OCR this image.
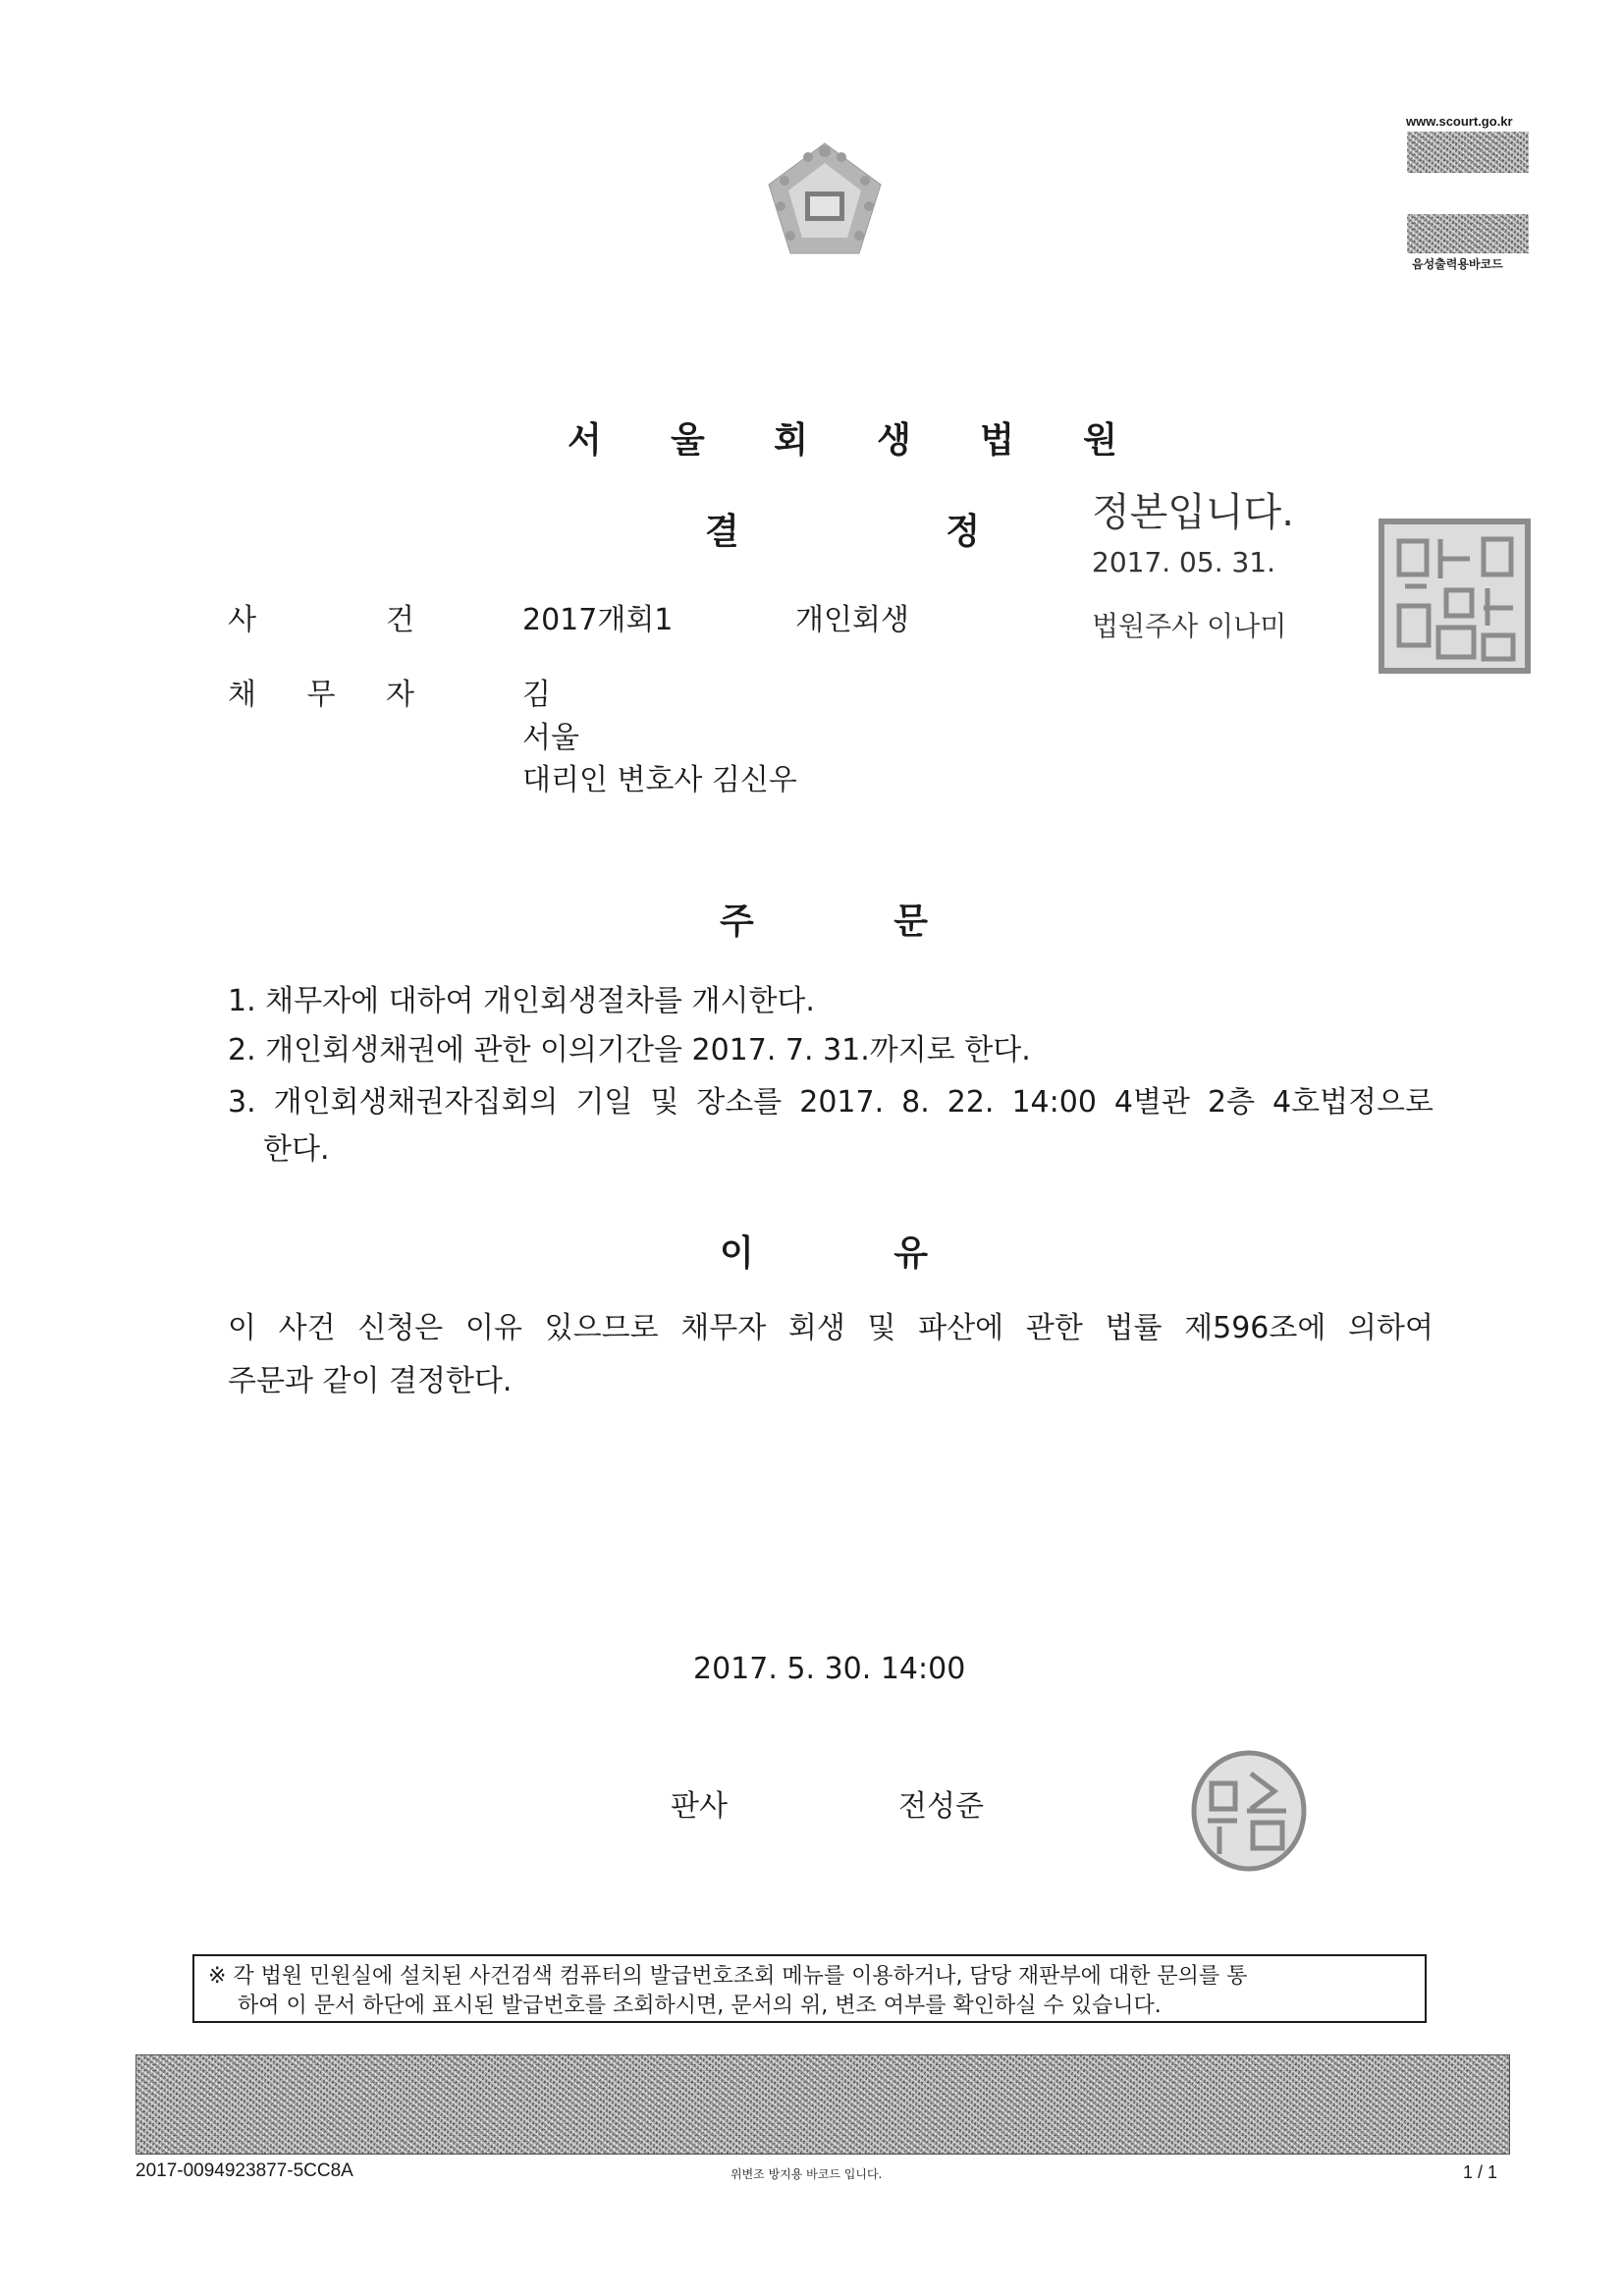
www.scourt.go.kr
음성출력용바코드
서 울 회 생 법 원
결	정	정본입니다.
2017. 05. 31.
법원주사 이나미
사	건	2017개회1	개인회생
채 무 자	김
서울
대리인 변호사 김신우
주	문
1. 채무자에 대하여 개인회생절차를 개시한다.
2. 개인회생채권에 관한 이의기간을 2017. 7. 31.까지로 한다.
3. 개인회생채권자집회의 기일 및 장소를 2017. 8. 22. 14:00 4별관 2층 4호법정으로
한다.
이	유
이 사건 신청은 이유 있으므로 채무자 회생 및 파산에 관한 법률 제596조에 의하여
주문과 같이 결정한다.
2017. 5. 30. 14:00
판사	전성준
※ 각 법원 민원실에 설치된 사건검색 컴퓨터의 발급번호조회 메뉴를 이용하거나, 담당 재판부에 대한 문의를 통
하여 이 문서 하단에 표시된 발급번호를 조회하시면, 문서의 위, 변조 여부를 확인하실 수 있습니다.
2017-0094923877-5CC8A	위변조 방지용 바코드 입니다.	1 / 1
